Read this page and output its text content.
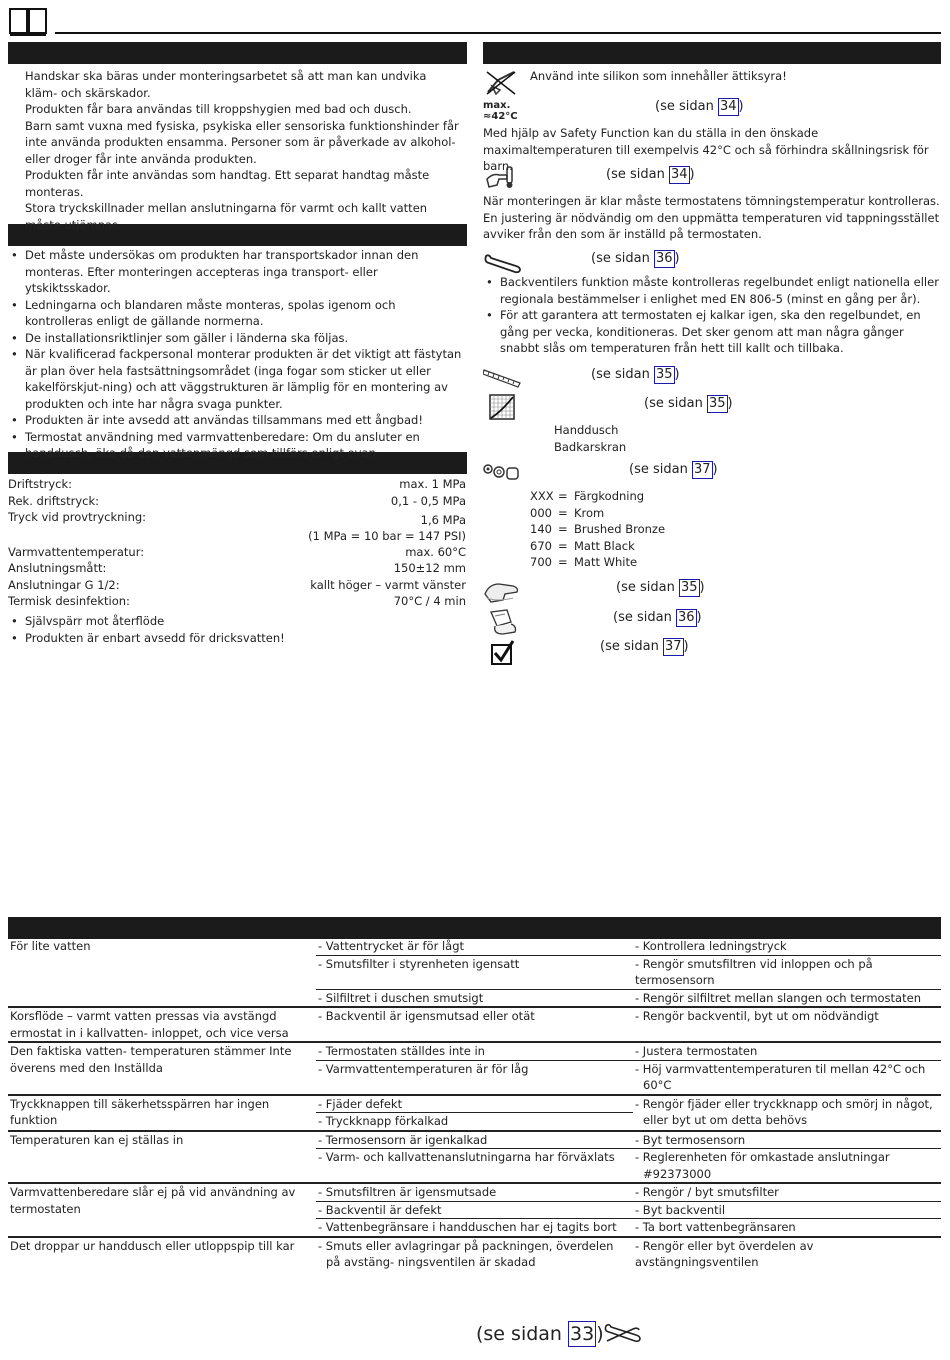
Handskar ska bäras under monteringsarbetet så att man kan undvika kläm- och skärskador.

Produkten får bara användas till kroppshygien med bad och dusch.

Barn samt vuxna med fysiska, psykiska eller sensoriska funktionshinder får inte använda produkten ensamma. Personer som är påverkade av alkohol- eller droger får inte använda produkten.

Produkten får inte användas som handtag. Ett separat handtag måste monteras.

Stora tryckskillnader mellan anslutningarna för varmt och kallt vatten måste utjämnas.

• Det måste undersökas om produkten har transportskador innan den monteras. Efter monteringen accepteras inga transport- eller ytskiktsskador.
• Ledningarna och blandaren måste monteras, spolas igenom och kontrolleras enligt de gällande normerna.
• De installationsriktlinjer som gäller i länderna ska följas.
• När kvalificerad fackpersonal monterar produkten är det viktigt att fästytan är plan över hela fastsättningsområdet (inga fogar som sticker ut eller kakelförskjut-ning) och att väggstrukturen är lämplig för en montering av produkten och inte har några svaga punkter.
• Produkten är inte avsedd att användas tillsammans med ett ångbad!
• Termostat användning med varmvattenberedare: Om du ansluter en handdusch, öka då den vattenmängd som tillförs enligt ovan.
Driftstryck:	max. 1 MPa
Rek. driftstryck:	0,1 - 0,5 MPa
Tryck vid provtryckning:	1,6 MPa
(1 MPa = 10 bar = 147 PSI)
Varmvattentemperatur:	max. 60°C
Anslutningsmått:	150±12 mm
Anslutningar G 1/2:	kallt höger – varmt vänster
Termisk desinfektion:	70°C / 4 min
• Självspärr mot återflöde
• Produkten är enbart avsedd för dricksvatten!
Använd inte silikon som innehåller ättiksyra!
max.
≈42°C
(se sidan 34 )
Med hjälp av Safety Function kan du ställa in den önskade maximaltemperaturen till exempelvis 42°C och så förhindra skållningsrisk för barn.
(se sidan 34 )
När monteringen är klar måste termostatens tömningstemperatur kontrolleras. En justering är nödvändig om den uppmätta temperaturen vid tappningsstället avviker från den som är inställd på termostaten.
(se sidan 36 )
• Backventilers funktion måste kontrolleras regelbundet enligt nationella eller regionala bestämmelser i enlighet med EN 806-5 (minst en gång per år).
• För att garantera att termostaten ej kalkar igen, ska den regelbundet, en gång per vecka, konditioneras. Det sker genom att man några gånger snabbt slås om temperaturen från hett till kallt och tillbaka.
(se sidan 35 )
(se sidan 35 )
Handdusch
Badkarskran
(se sidan 37 )
XXX = Färgkodning
000 = Krom
140 = Brushed Bronze
670 = Matt Black
700 = Matt White
(se sidan 35 )
(se sidan 36 )
(se sidan 37 )
För lite vatten	- Vattentrycket är för lågt	- Kontrollera ledningstryck
	- Smutsfilter i styrenheten igensatt	- Rengör smutsfiltren vid inloppen och på termosensorn
	- Silfiltret i duschen smutsigt	- Rengör silfiltret mellan slangen och termostaten
Korsflöde – varmt vatten pressas via avstängd ermostat in i kallvatten- inloppet, och vice versa	- Backventil är igensmutsad eller otät	- Rengör backventil, byt ut om nödvändigt
Den faktiska vatten- temperaturen stämmer Inte överens med den Inställda	- Termostaten ställdes inte in	- Justera termostaten
	- Varmvattentemperaturen är för låg	- Höj varmvattentemperaturen til mellan 42°C och 60°C
Tryckknappen till säkerhetsspärren har ingen funktion	- Fjäder defekt	- Rengör fjäder eller tryckknapp och smörj in något, eller byt ut om detta behövs
	- Tryckknapp förkalkad	
Temperaturen kan ej ställas in	- Termosensorn är igenkalkad	- Byt termosensorn
	- Varm- och kallvattenanslutningarna har förväxlats	- Reglerenheten för omkastade anslutningar #92373000
Varmvattenberedare slår ej på vid användning av termostaten	- Smutsfiltren är igensmutsade	- Rengör / byt smutsfilter
	- Backventil är defekt	- Byt backventil
	- Vattenbegränsare i handduschen har ej tagits bort	- Ta bort vattenbegränsaren
Det droppar ur handdusch eller utloppspip till kar	- Smuts eller avlagringar på packningen, överdelen på avstäng- ningsventilen är skadad	- Rengör eller byt överdelen av avstängningsventilen
(se sidan 33 )
